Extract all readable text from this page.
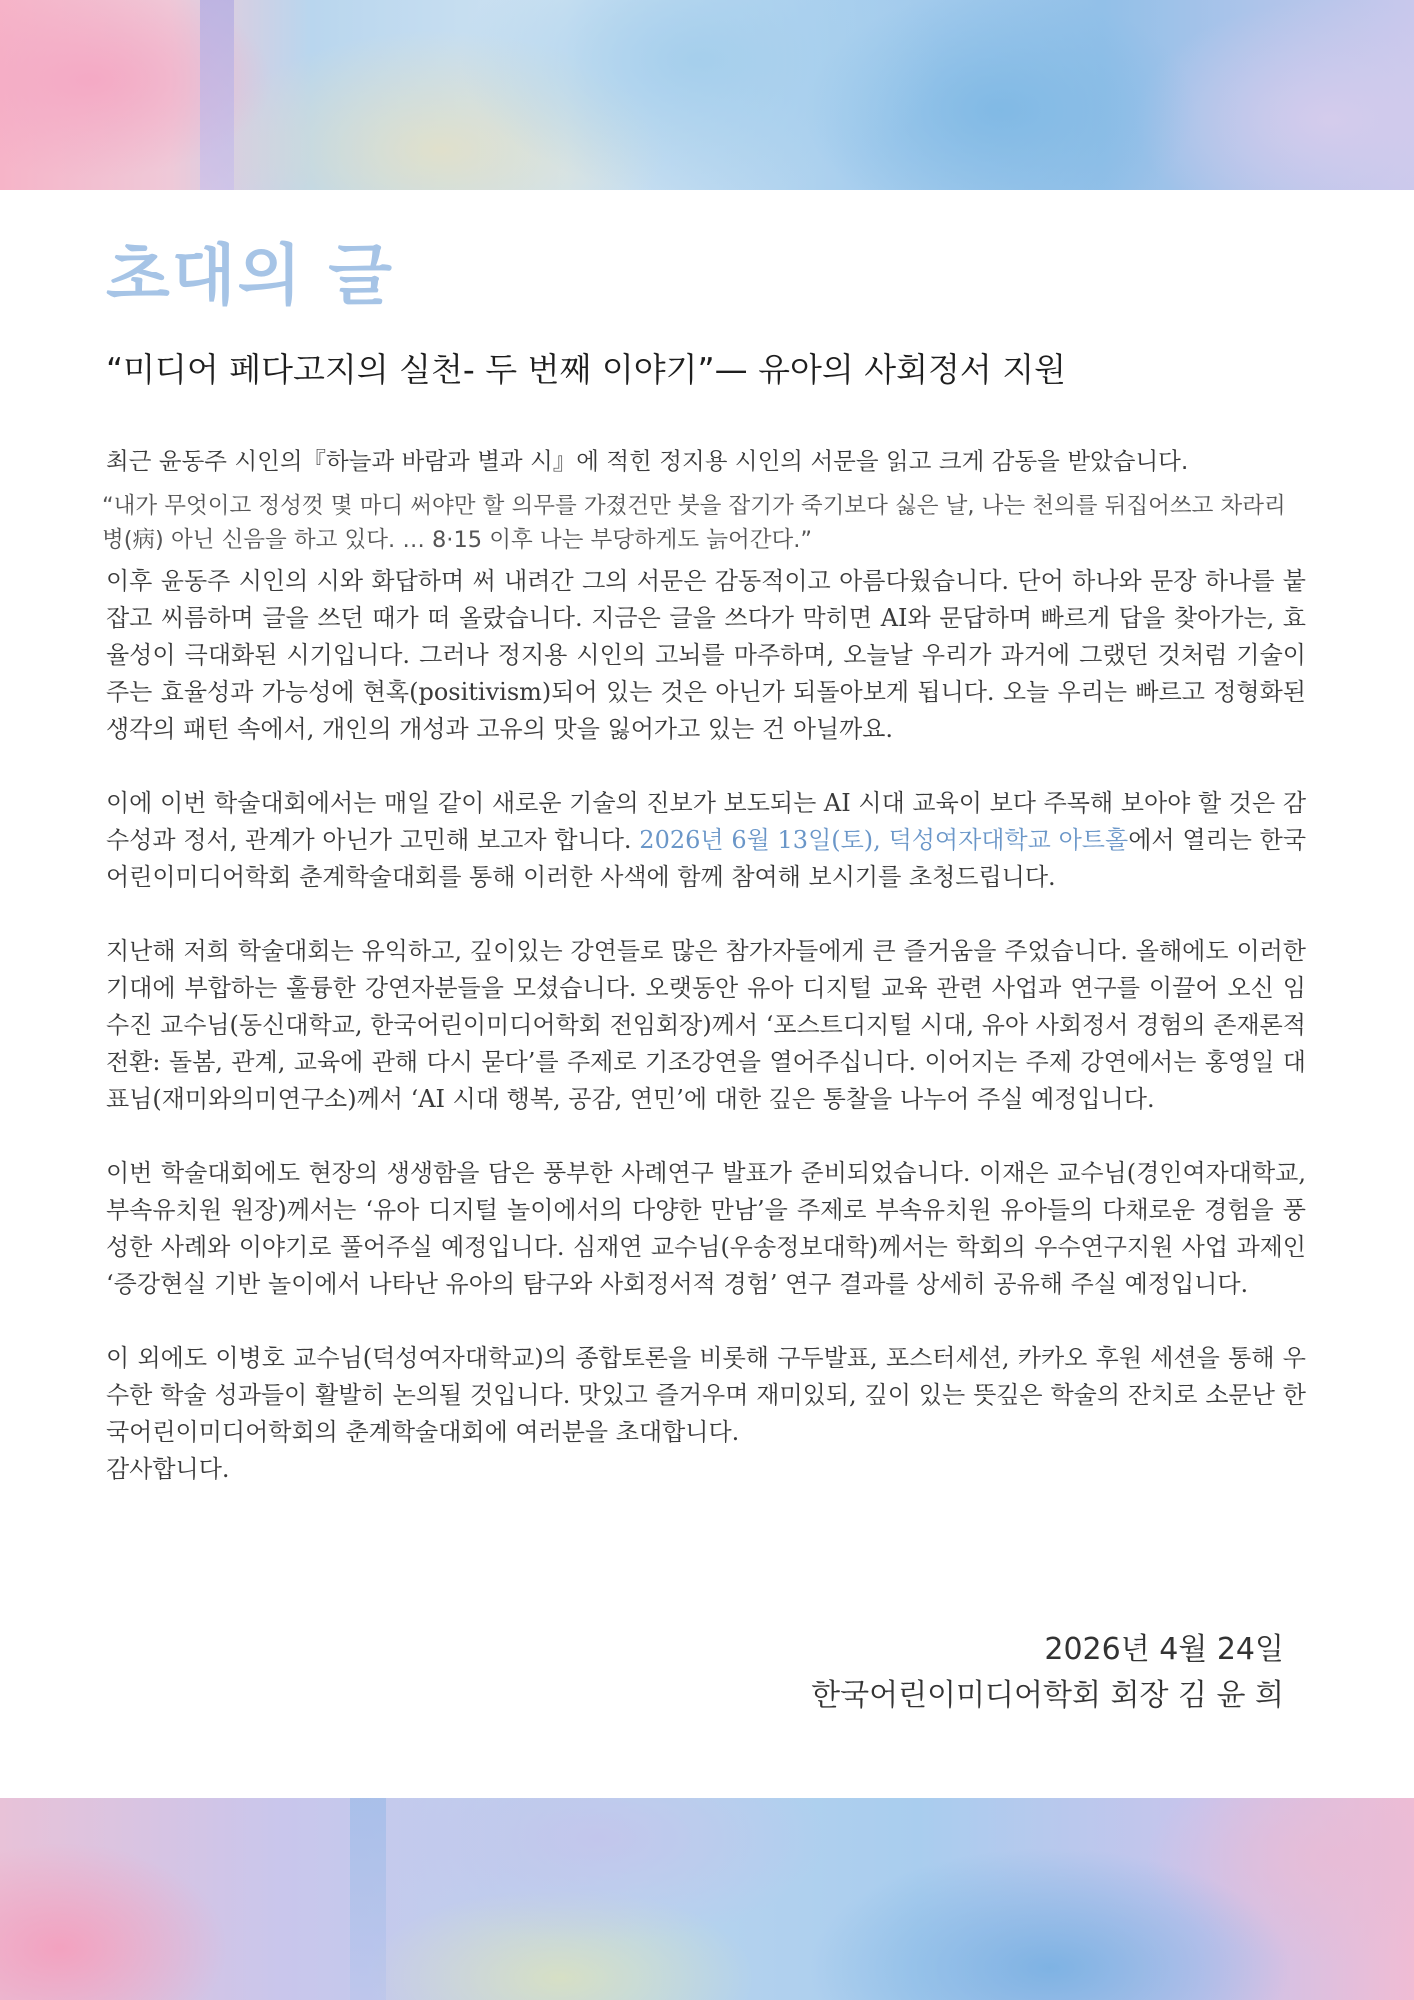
초대의 글
“미디어 페다고지의 실천- 두 번째 이야기”— 유아의 사회정서 지원

최근 윤동주 시인의『하늘과 바람과 별과 시』에 적힌 정지용 시인의 서문을 읽고 크게 감동을 받았습니다.

“내가 무엇이고 정성껏 몇 마디 써야만 할 의무를 가졌건만 붓을 잡기가 죽기보다 싫은 날, 나는 천의를 뒤집어쓰고 차라리 병(病) 아닌 신음을 하고 있다. … 8·15 이후 나는 부당하게도 늙어간다.”

이후 윤동주 시인의 시와 화답하며 써 내려간 그의 서문은 감동적이고 아름다웠습니다. 단어 하나와 문장 하나를 붙잡고 씨름하며 글을 쓰던 때가 떠 올랐습니다. 지금은 글을 쓰다가 막히면 AI와 문답하며 빠르게 답을 찾아가는, 효율성이 극대화된 시기입니다. 그러나 정지용 시인의 고뇌를 마주하며, 오늘날 우리가 과거에 그랬던 것처럼 기술이 주는 효율성과 가능성에 현혹(positivism)되어 있는 것은 아닌가 되돌아보게 됩니다. 오늘 우리는 빠르고 정형화된 생각의 패턴 속에서, 개인의 개성과 고유의 맛을 잃어가고 있는 건 아닐까요.

이에 이번 학술대회에서는 매일 같이 새로운 기술의 진보가 보도되는 AI 시대 교육이 보다 주목해 보아야 할 것은 감수성과 정서, 관계가 아닌가 고민해 보고자 합니다. 2026년 6월 13일(토), 덕성여자대학교 아트홀에서 열리는 한국어린이미디어학회 춘계학술대회를 통해 이러한 사색에 함께 참여해 보시기를 초청드립니다.

지난해 저희 학술대회는 유익하고, 깊이있는 강연들로 많은 참가자들에게 큰 즐거움을 주었습니다. 올해에도 이러한 기대에 부합하는 훌륭한 강연자분들을 모셨습니다. 오랫동안 유아 디지털 교육 관련 사업과 연구를 이끌어 오신 임수진 교수님(동신대학교, 한국어린이미디어학회 전임회장)께서 ‘포스트디지털 시대, 유아 사회정서 경험의 존재론적 전환: 돌봄, 관계, 교육에 관해 다시 묻다’를 주제로 기조강연을 열어주십니다. 이어지는 주제 강연에서는 홍영일 대표님(재미와의미연구소)께서 ‘AI 시대 행복, 공감, 연민’에 대한 깊은 통찰을 나누어 주실 예정입니다.

이번 학술대회에도 현장의 생생함을 담은 풍부한 사례연구 발표가 준비되었습니다. 이재은 교수님(경인여자대학교, 부속유치원 원장)께서는 ‘유아 디지털 놀이에서의 다양한 만남’을 주제로 부속유치원 유아들의 다채로운 경험을 풍성한 사례와 이야기로 풀어주실 예정입니다. 심재연 교수님(우송정보대학)께서는 학회의 우수연구지원 사업 과제인 ‘증강현실 기반 놀이에서 나타난 유아의 탐구와 사회정서적 경험’ 연구 결과를 상세히 공유해 주실 예정입니다.

이 외에도 이병호 교수님(덕성여자대학교)의 종합토론을 비롯해 구두발표, 포스터세션, 카카오 후원 세션을 통해 우수한 학술 성과들이 활발히 논의될 것입니다. 맛있고 즐거우며 재미있되, 깊이 있는 뜻깊은 학술의 잔치로 소문난 한국어린이미디어학회의 춘계학술대회에 여러분을 초대합니다.

감사합니다.

2026년 4월 24일
한국어린이미디어학회 회장 김 윤 희
